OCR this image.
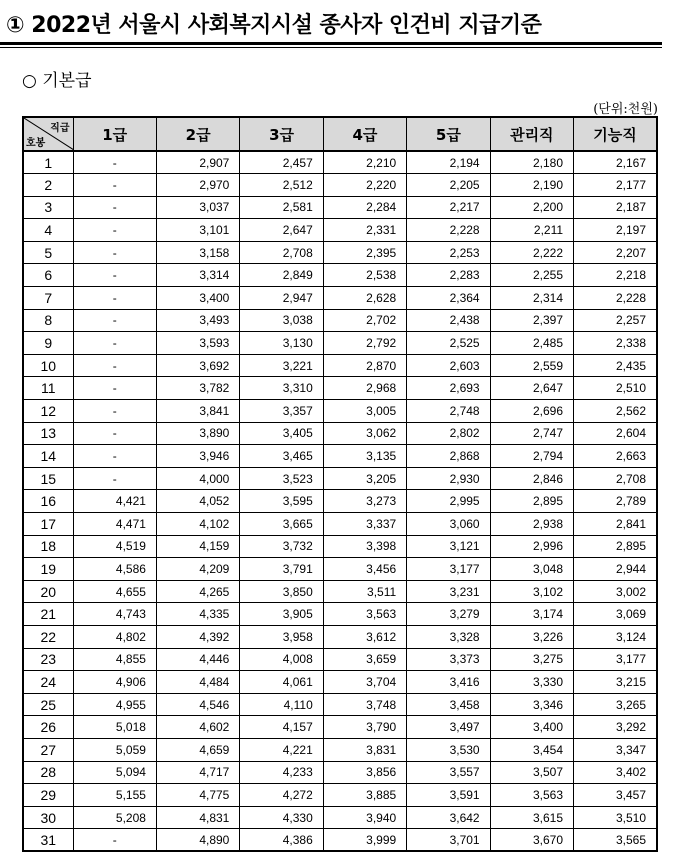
① 2022년 서울시 사회복지시설 종사자 인건비 지급기준
○ 기본급
(단위:천원)
직급
호봉	1급	2급	3급	4급	5급	관리직	기능직
1	-	2,907	2,457	2,210	2,194	2,180	2,167
2	-	2,970	2,512	2,220	2,205	2,190	2,177
3	-	3,037	2,581	2,284	2,217	2,200	2,187
4	-	3,101	2,647	2,331	2,228	2,211	2,197
5	-	3,158	2,708	2,395	2,253	2,222	2,207
6	-	3,314	2,849	2,538	2,283	2,255	2,218
7	-	3,400	2,947	2,628	2,364	2,314	2,228
8	-	3,493	3,038	2,702	2,438	2,397	2,257
9	-	3,593	3,130	2,792	2,525	2,485	2,338
10	-	3,692	3,221	2,870	2,603	2,559	2,435
11	-	3,782	3,310	2,968	2,693	2,647	2,510
12	-	3,841	3,357	3,005	2,748	2,696	2,562
13	-	3,890	3,405	3,062	2,802	2,747	2,604
14	-	3,946	3,465	3,135	2,868	2,794	2,663
15	-	4,000	3,523	3,205	2,930	2,846	2,708
16	4,421	4,052	3,595	3,273	2,995	2,895	2,789
17	4,471	4,102	3,665	3,337	3,060	2,938	2,841
18	4,519	4,159	3,732	3,398	3,121	2,996	2,895
19	4,586	4,209	3,791	3,456	3,177	3,048	2,944
20	4,655	4,265	3,850	3,511	3,231	3,102	3,002
21	4,743	4,335	3,905	3,563	3,279	3,174	3,069
22	4,802	4,392	3,958	3,612	3,328	3,226	3,124
23	4,855	4,446	4,008	3,659	3,373	3,275	3,177
24	4,906	4,484	4,061	3,704	3,416	3,330	3,215
25	4,955	4,546	4,110	3,748	3,458	3,346	3,265
26	5,018	4,602	4,157	3,790	3,497	3,400	3,292
27	5,059	4,659	4,221	3,831	3,530	3,454	3,347
28	5,094	4,717	4,233	3,856	3,557	3,507	3,402
29	5,155	4,775	4,272	3,885	3,591	3,563	3,457
30	5,208	4,831	4,330	3,940	3,642	3,615	3,510
31	-	4,890	4,386	3,999	3,701	3,670	3,565
